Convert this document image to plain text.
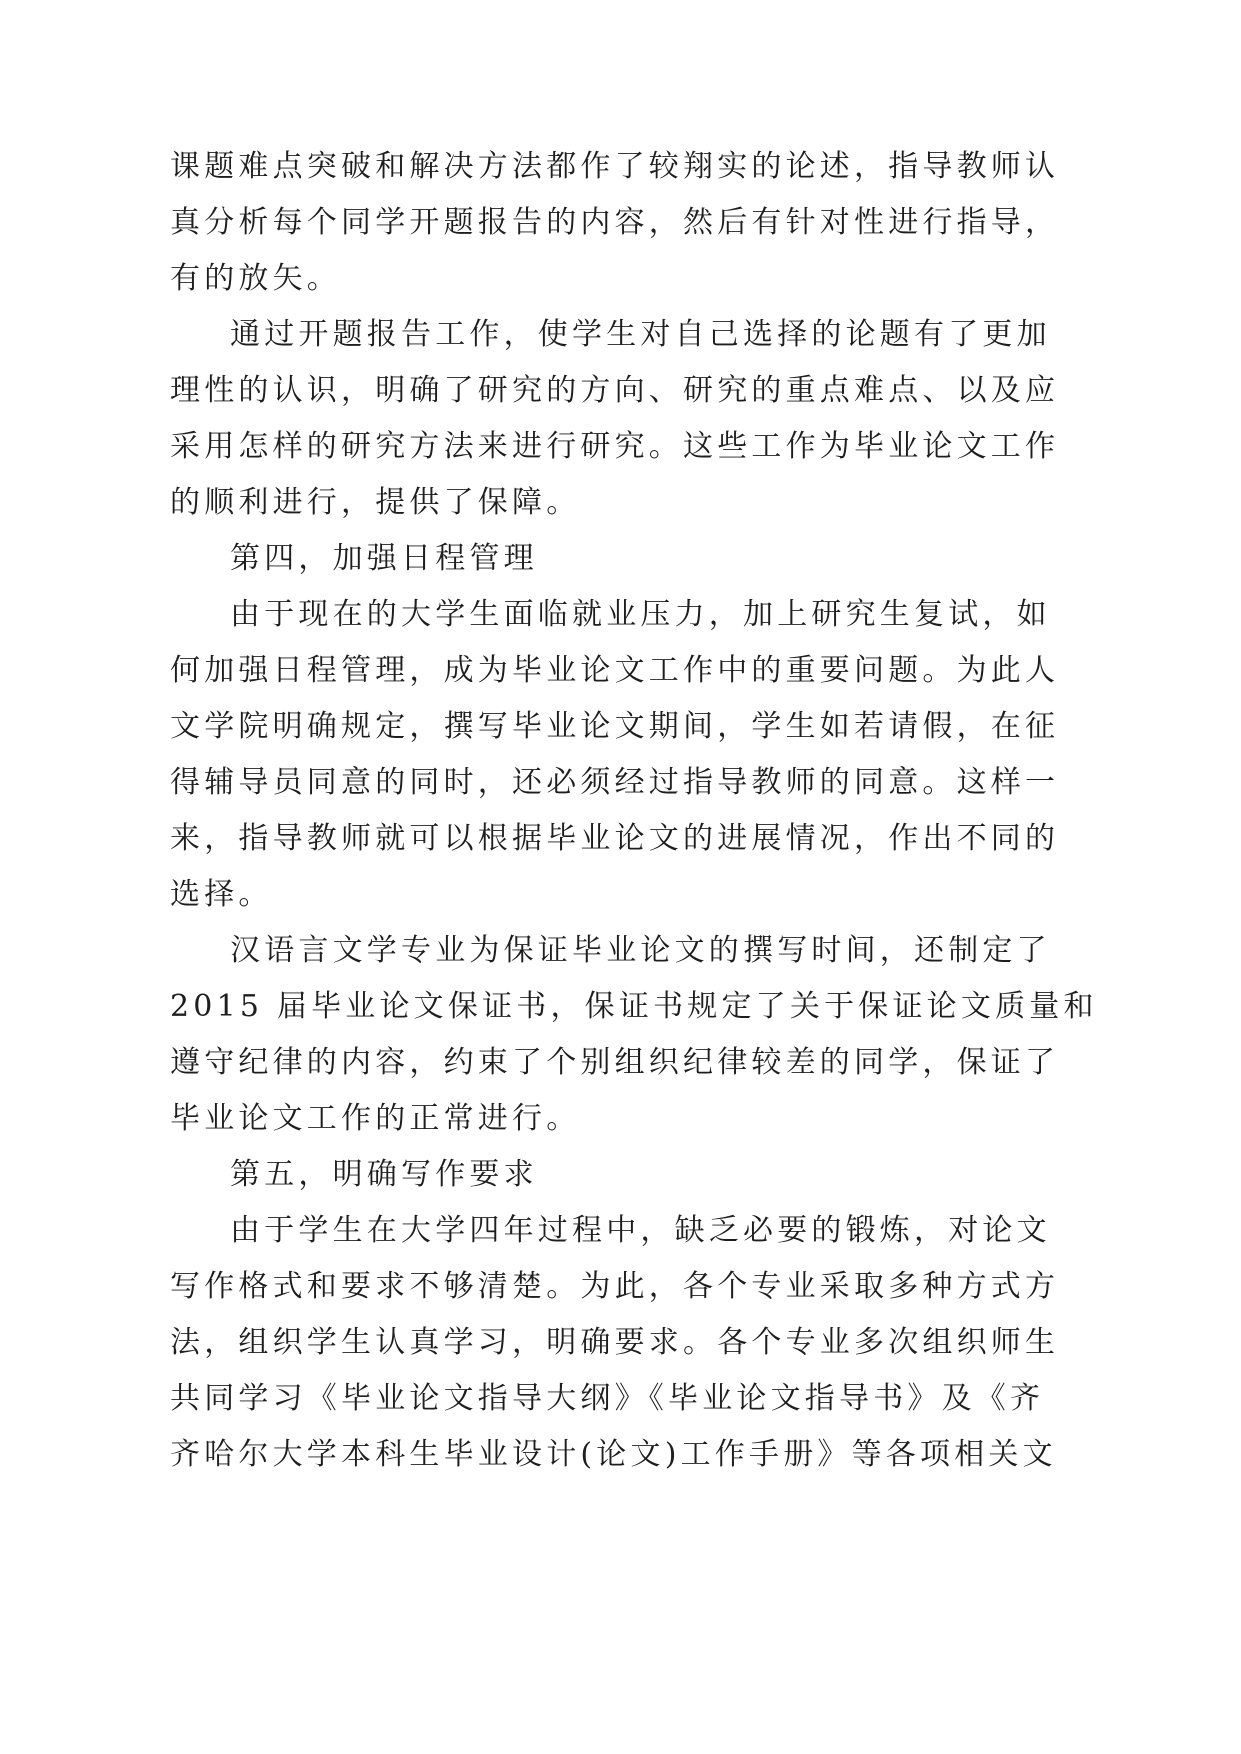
课题难点突破和解决方法都作了较翔实的论述，指导教师认
真分析每个同学开题报告的内容，然后有针对性进行指导，
有的放矢。
通过开题报告工作，使学生对自己选择的论题有了更加
理性的认识，明确了研究的方向、研究的重点难点、以及应
采用怎样的研究方法来进行研究。这些工作为毕业论文工作
的顺利进行，提供了保障。
第四，加强日程管理
由于现在的大学生面临就业压力，加上研究生复试，如
何加强日程管理，成为毕业论文工作中的重要问题。为此人
文学院明确规定，撰写毕业论文期间，学生如若请假，在征
得辅导员同意的同时，还必须经过指导教师的同意。这样一
来，指导教师就可以根据毕业论文的进展情况，作出不同的
选择。
汉语言文学专业为保证毕业论文的撰写时间，还制定了
2015 届毕业论文保证书，保证书规定了关于保证论文质量和
遵守纪律的内容，约束了个别组织纪律较差的同学，保证了
毕业论文工作的正常进行。
第五，明确写作要求
由于学生在大学四年过程中，缺乏必要的锻炼，对论文
写作格式和要求不够清楚。为此，各个专业采取多种方式方
法，组织学生认真学习，明确要求。各个专业多次组织师生
共同学习《毕业论文指导大纲》《毕业论文指导书》及《齐
齐哈尔大学本科生毕业设计(论文)工作手册》等各项相关文
